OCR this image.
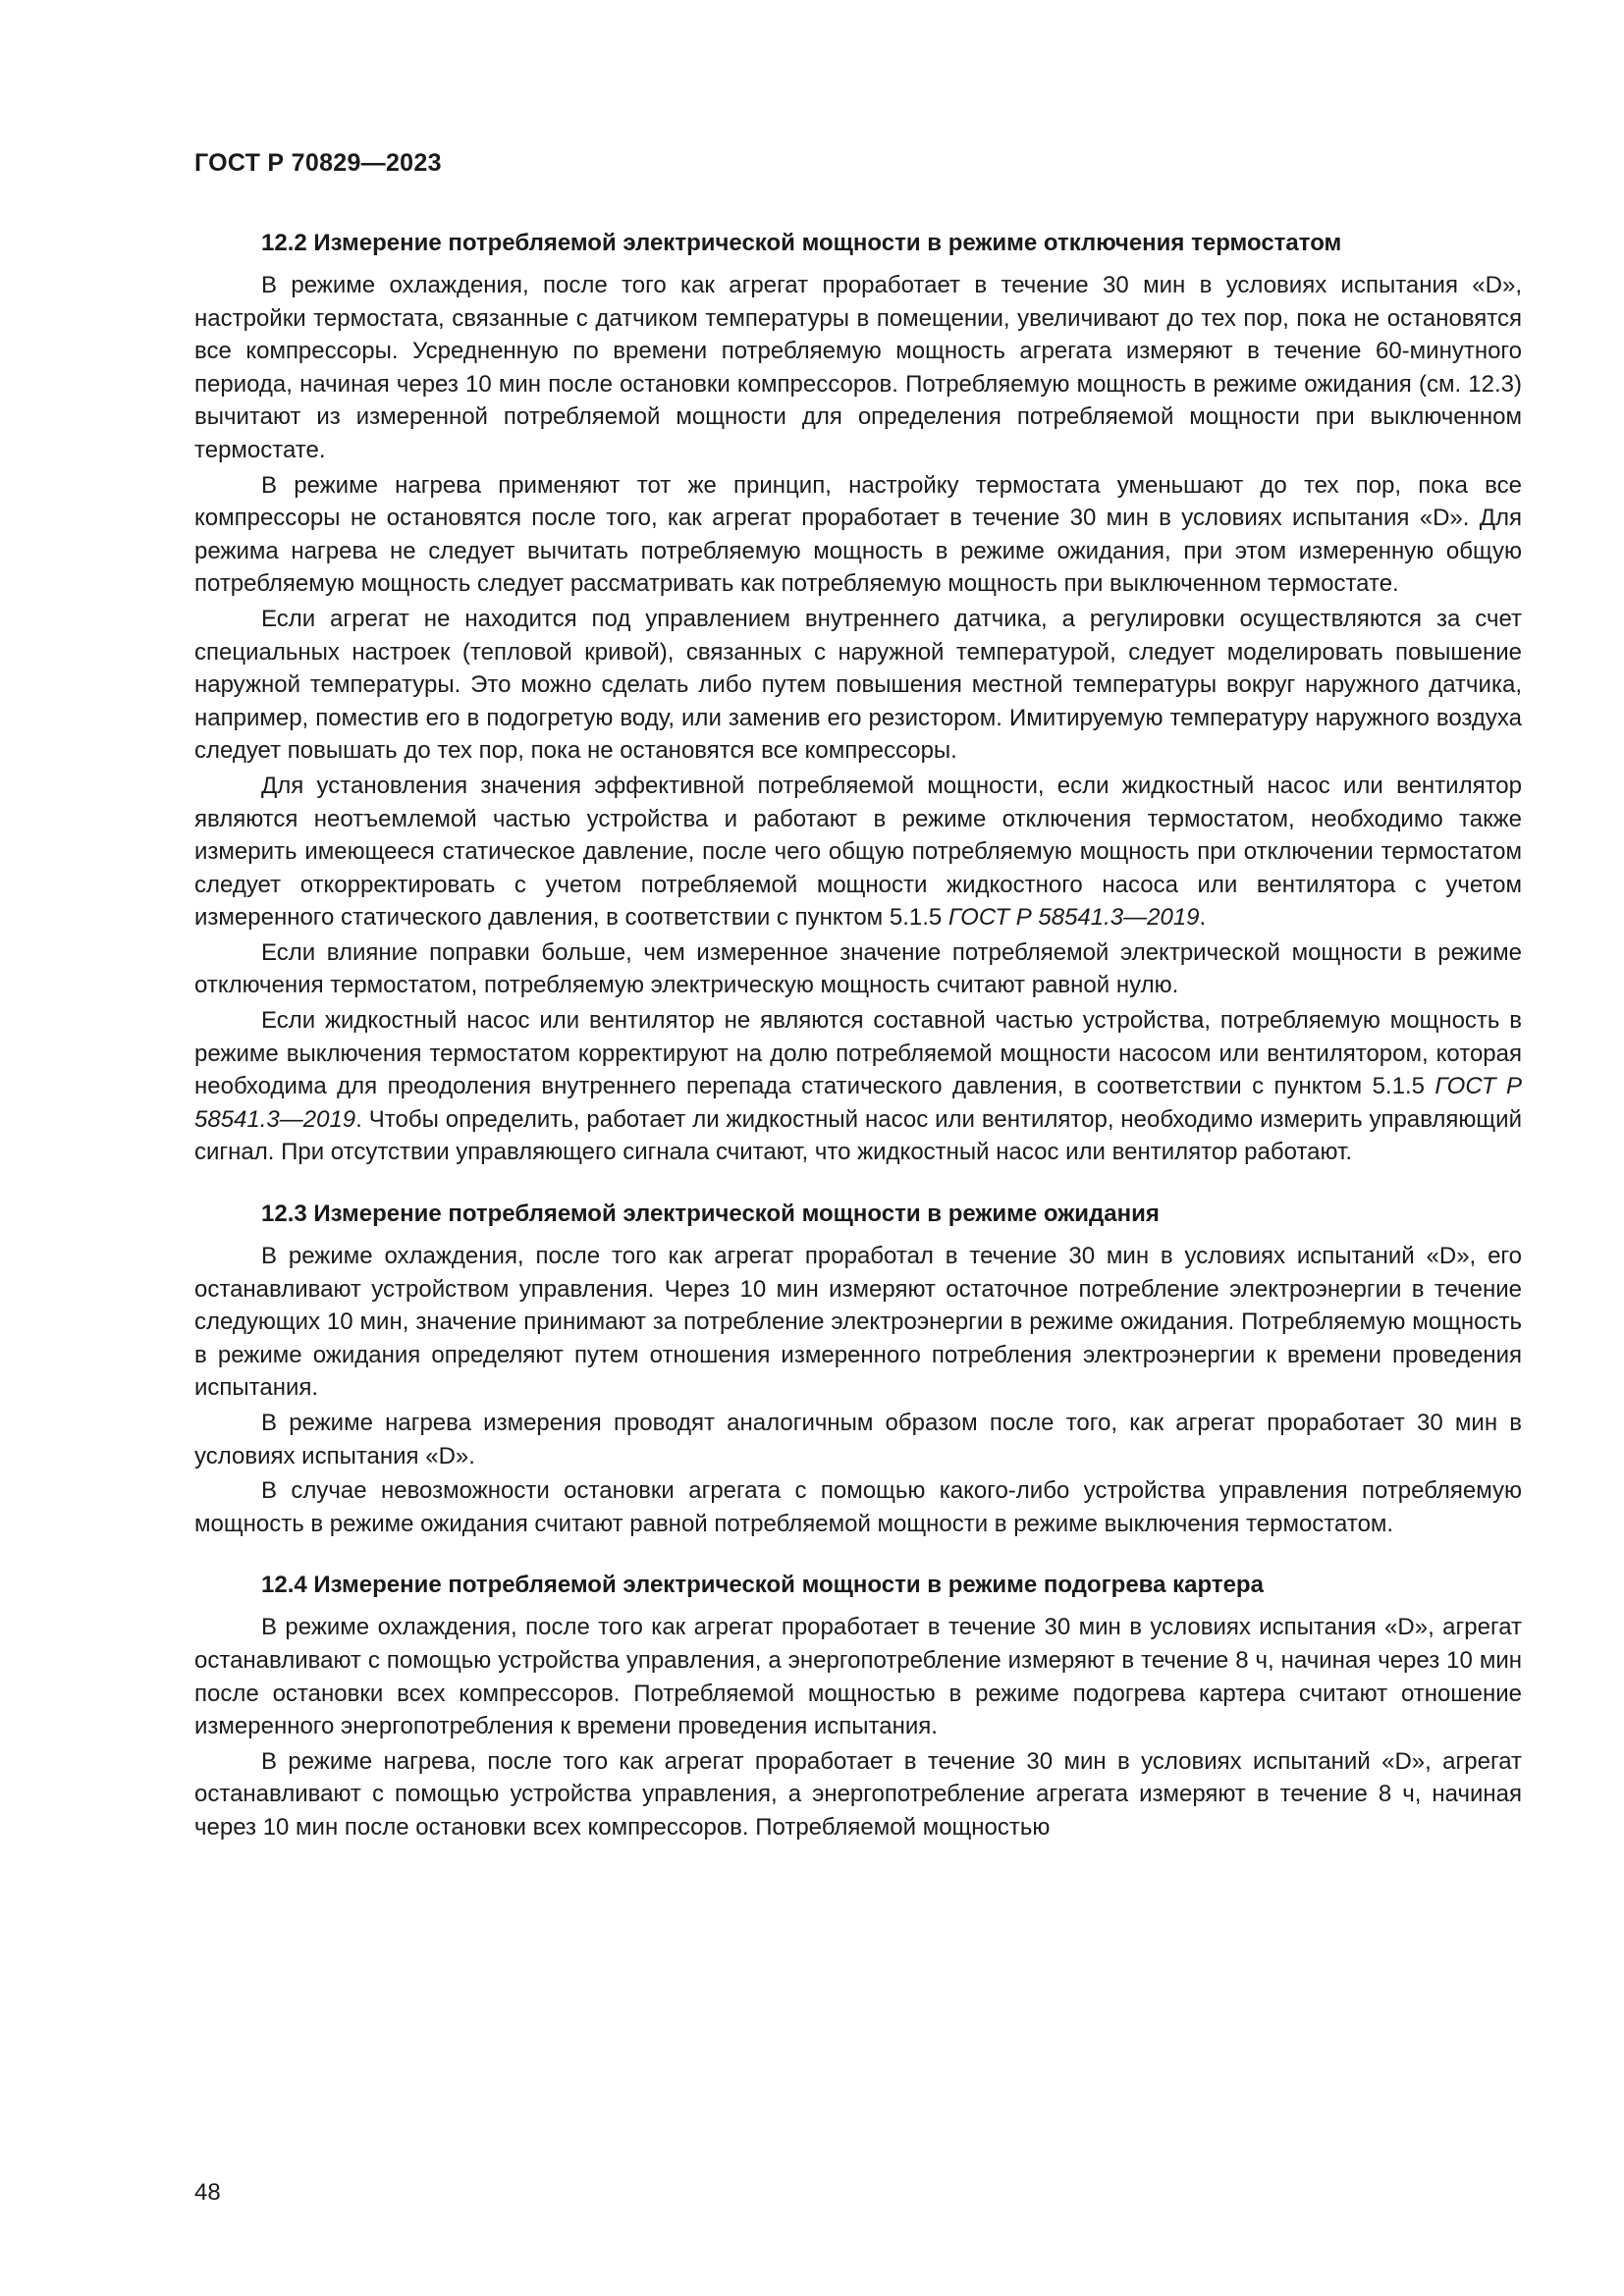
ГОСТ Р 70829—2023
12.2 Измерение потребляемой электрической мощности в режиме отключения термостатом

В режиме охлаждения, после того как агрегат проработает в течение 30 мин в условиях испытания «D», настройки термостата, связанные с датчиком температуры в помещении, увеличивают до тех пор, пока не остановятся все компрессоры. Усредненную по времени потребляемую мощность агрегата измеряют в течение 60-минутного периода, начиная через 10 мин после остановки компрессоров. Потребляемую мощность в режиме ожидания (см. 12.3) вычитают из измеренной потребляемой мощности для определения потребляемой мощности при выключенном термостате.

В режиме нагрева применяют тот же принцип, настройку термостата уменьшают до тех пор, пока все компрессоры не остановятся после того, как агрегат проработает в течение 30 мин в условиях испытания «D». Для режима нагрева не следует вычитать потребляемую мощность в режиме ожидания, при этом измеренную общую потребляемую мощность следует рассматривать как потребляемую мощность при выключенном термостате.

Если агрегат не находится под управлением внутреннего датчика, а регулировки осуществляются за счет специальных настроек (тепловой кривой), связанных с наружной температурой, следует моделировать повышение наружной температуры. Это можно сделать либо путем повышения местной температуры вокруг наружного датчика, например, поместив его в подогретую воду, или заменив его резистором. Имитируемую температуру наружного воздуха следует повышать до тех пор, пока не остановятся все компрессоры.

Для установления значения эффективной потребляемой мощности, если жидкостный насос или вентилятор являются неотъемлемой частью устройства и работают в режиме отключения термостатом, необходимо также измерить имеющееся статическое давление, после чего общую потребляемую мощность при отключении термостатом следует откорректировать с учетом потребляемой мощности жидкостного насоса или вентилятора с учетом измеренного статического давления, в соответствии с пунктом 5.1.5 ГОСТ Р 58541.3—2019.

Если влияние поправки больше, чем измеренное значение потребляемой электрической мощности в режиме отключения термостатом, потребляемую электрическую мощность считают равной нулю.

Если жидкостный насос или вентилятор не являются составной частью устройства, потребляемую мощность в режиме выключения термостатом корректируют на долю потребляемой мощности насосом или вентилятором, которая необходима для преодоления внутреннего перепада статического давления, в соответствии с пунктом 5.1.5 ГОСТ Р 58541.3—2019. Чтобы определить, работает ли жидкостный насос или вентилятор, необходимо измерить управляющий сигнал. При отсутствии управляющего сигнала считают, что жидкостный насос или вентилятор работают.

12.3 Измерение потребляемой электрической мощности в режиме ожидания

В режиме охлаждения, после того как агрегат проработал в течение 30 мин в условиях испытаний «D», его останавливают устройством управления. Через 10 мин измеряют остаточное потребление электроэнергии в течение следующих 10 мин, значение принимают за потребление электроэнергии в режиме ожидания. Потребляемую мощность в режиме ожидания определяют путем отношения измеренного потребления электроэнергии к времени проведения испытания.

В режиме нагрева измерения проводят аналогичным образом после того, как агрегат проработает 30 мин в условиях испытания «D».

В случае невозможности остановки агрегата с помощью какого-либо устройства управления потребляемую мощность в режиме ожидания считают равной потребляемой мощности в режиме выключения термостатом.

12.4 Измерение потребляемой электрической мощности в режиме подогрева картера

В режиме охлаждения, после того как агрегат проработает в течение 30 мин в условиях испытания «D», агрегат останавливают с помощью устройства управления, а энергопотребление измеряют в течение 8 ч, начиная через 10 мин после остановки всех компрессоров. Потребляемой мощностью в режиме подогрева картера считают отношение измеренного энергопотребления к времени проведения испытания.

В режиме нагрева, после того как агрегат проработает в течение 30 мин в условиях испытаний «D», агрегат останавливают с помощью устройства управления, а энергопотребление агрегата измеряют в течение 8 ч, начиная через 10 мин после остановки всех компрессоров. Потребляемой мощностью

48
